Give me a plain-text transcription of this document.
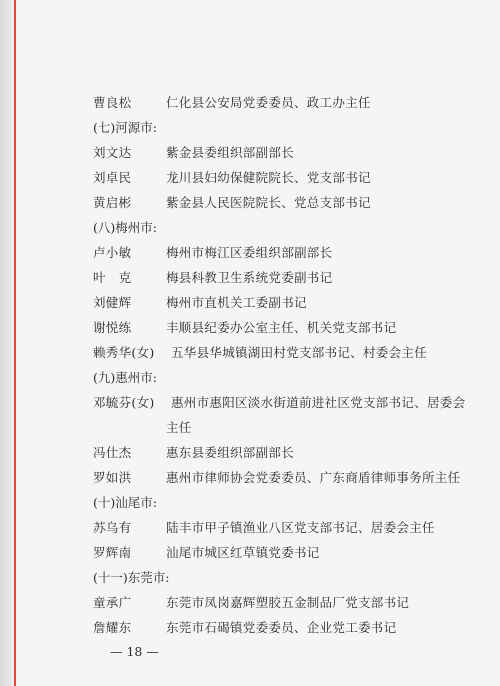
曹良松	仁化县公安局党委委员、政工办主任
(七)河源市:
刘文达	紫金县委组织部副部长
刘卓民	龙川县妇幼保健院院长、党支部书记
黄启彬	紫金县人民医院院长、党总支部书记
(八)梅州市:
卢小敏	梅州市梅江区委组织部副部长
叶　克	梅县科教卫生系统党委副书记
刘健辉	梅州市直机关工委副书记
谢悦练	丰顺县纪委办公室主任、机关党支部书记
赖秀华(女) 五华县华城镇湖田村党支部书记、村委会主任
(九)惠州市:
邓毓芬(女) 惠州市惠阳区淡水街道前进社区党支部书记、居委会
主任
冯仕杰	惠东县委组织部副部长
罗如洪	惠州市律师协会党委委员、广东商盾律师事务所主任
(十)汕尾市:
苏乌有	陆丰市甲子镇渔业八区党支部书记、居委会主任
罗辉南	汕尾市城区红草镇党委书记
(十一)东莞市:
童承广	东莞市凤岗嘉辉塑胶五金制品厂党支部书记
詹耀东	东莞市石碣镇党委委员、企业党工委书记
— 18 —
